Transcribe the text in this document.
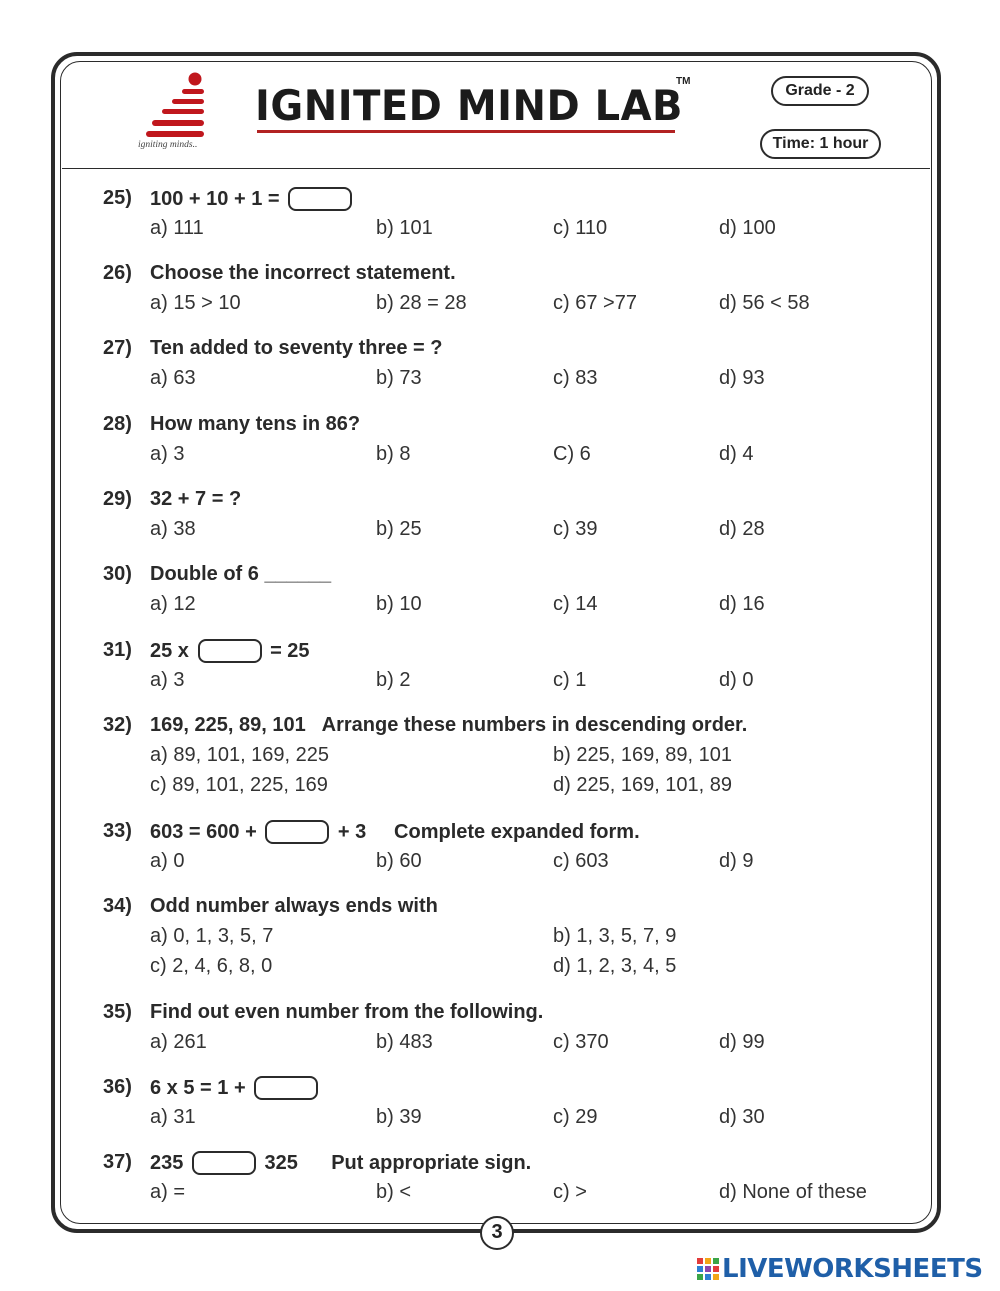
igniting minds..
IGNITED MIND LAB
TM
Grade - 2
Time: 1 hour
25) 100 + 10 + 1 =
a) 111	b) 101	c) 110	d) 100
26) Choose the incorrect statement.
a) 15 > 10	b) 28 = 28	c) 67 >77	d) 56 < 58
27) Ten added to seventy three = ?
a) 63	b) 73	c) 83	d) 93
28) How many tens in 86?
a) 3	b) 8	C) 6	d) 4
29) 32 + 7 = ?
a) 38	b) 25	c) 39	d) 28
30) Double of 6 ______
a) 12	b) 10	c) 14	d) 16
31) 25 x	= 25
a) 3	b) 2	c) 1	d) 0
32) 169, 225, 89, 101   Arrange these numbers in descending order.
a) 89, 101, 169, 225	b) 225, 169, 89, 101
c) 89, 101, 225, 169	d) 225, 169, 101, 89
33) 603 = 600 +	+ 3     Complete expanded form.
a) 0	b) 60	c) 603	d) 9
34) Odd number always ends with
a) 0, 1, 3, 5, 7	b) 1, 3, 5, 7, 9
c) 2, 4, 6, 8, 0	d) 1, 2, 3, 4, 5
35) Find out even number from the following.
a) 261	b) 483	c) 370	d) 99
36) 6 x 5 = 1 +
a) 31	b) 39	c) 29	d) 30
37) 235	325      Put appropriate sign.
a) =	b) <	c) >	d) None of these
3
LIVEWORKSHEETS
